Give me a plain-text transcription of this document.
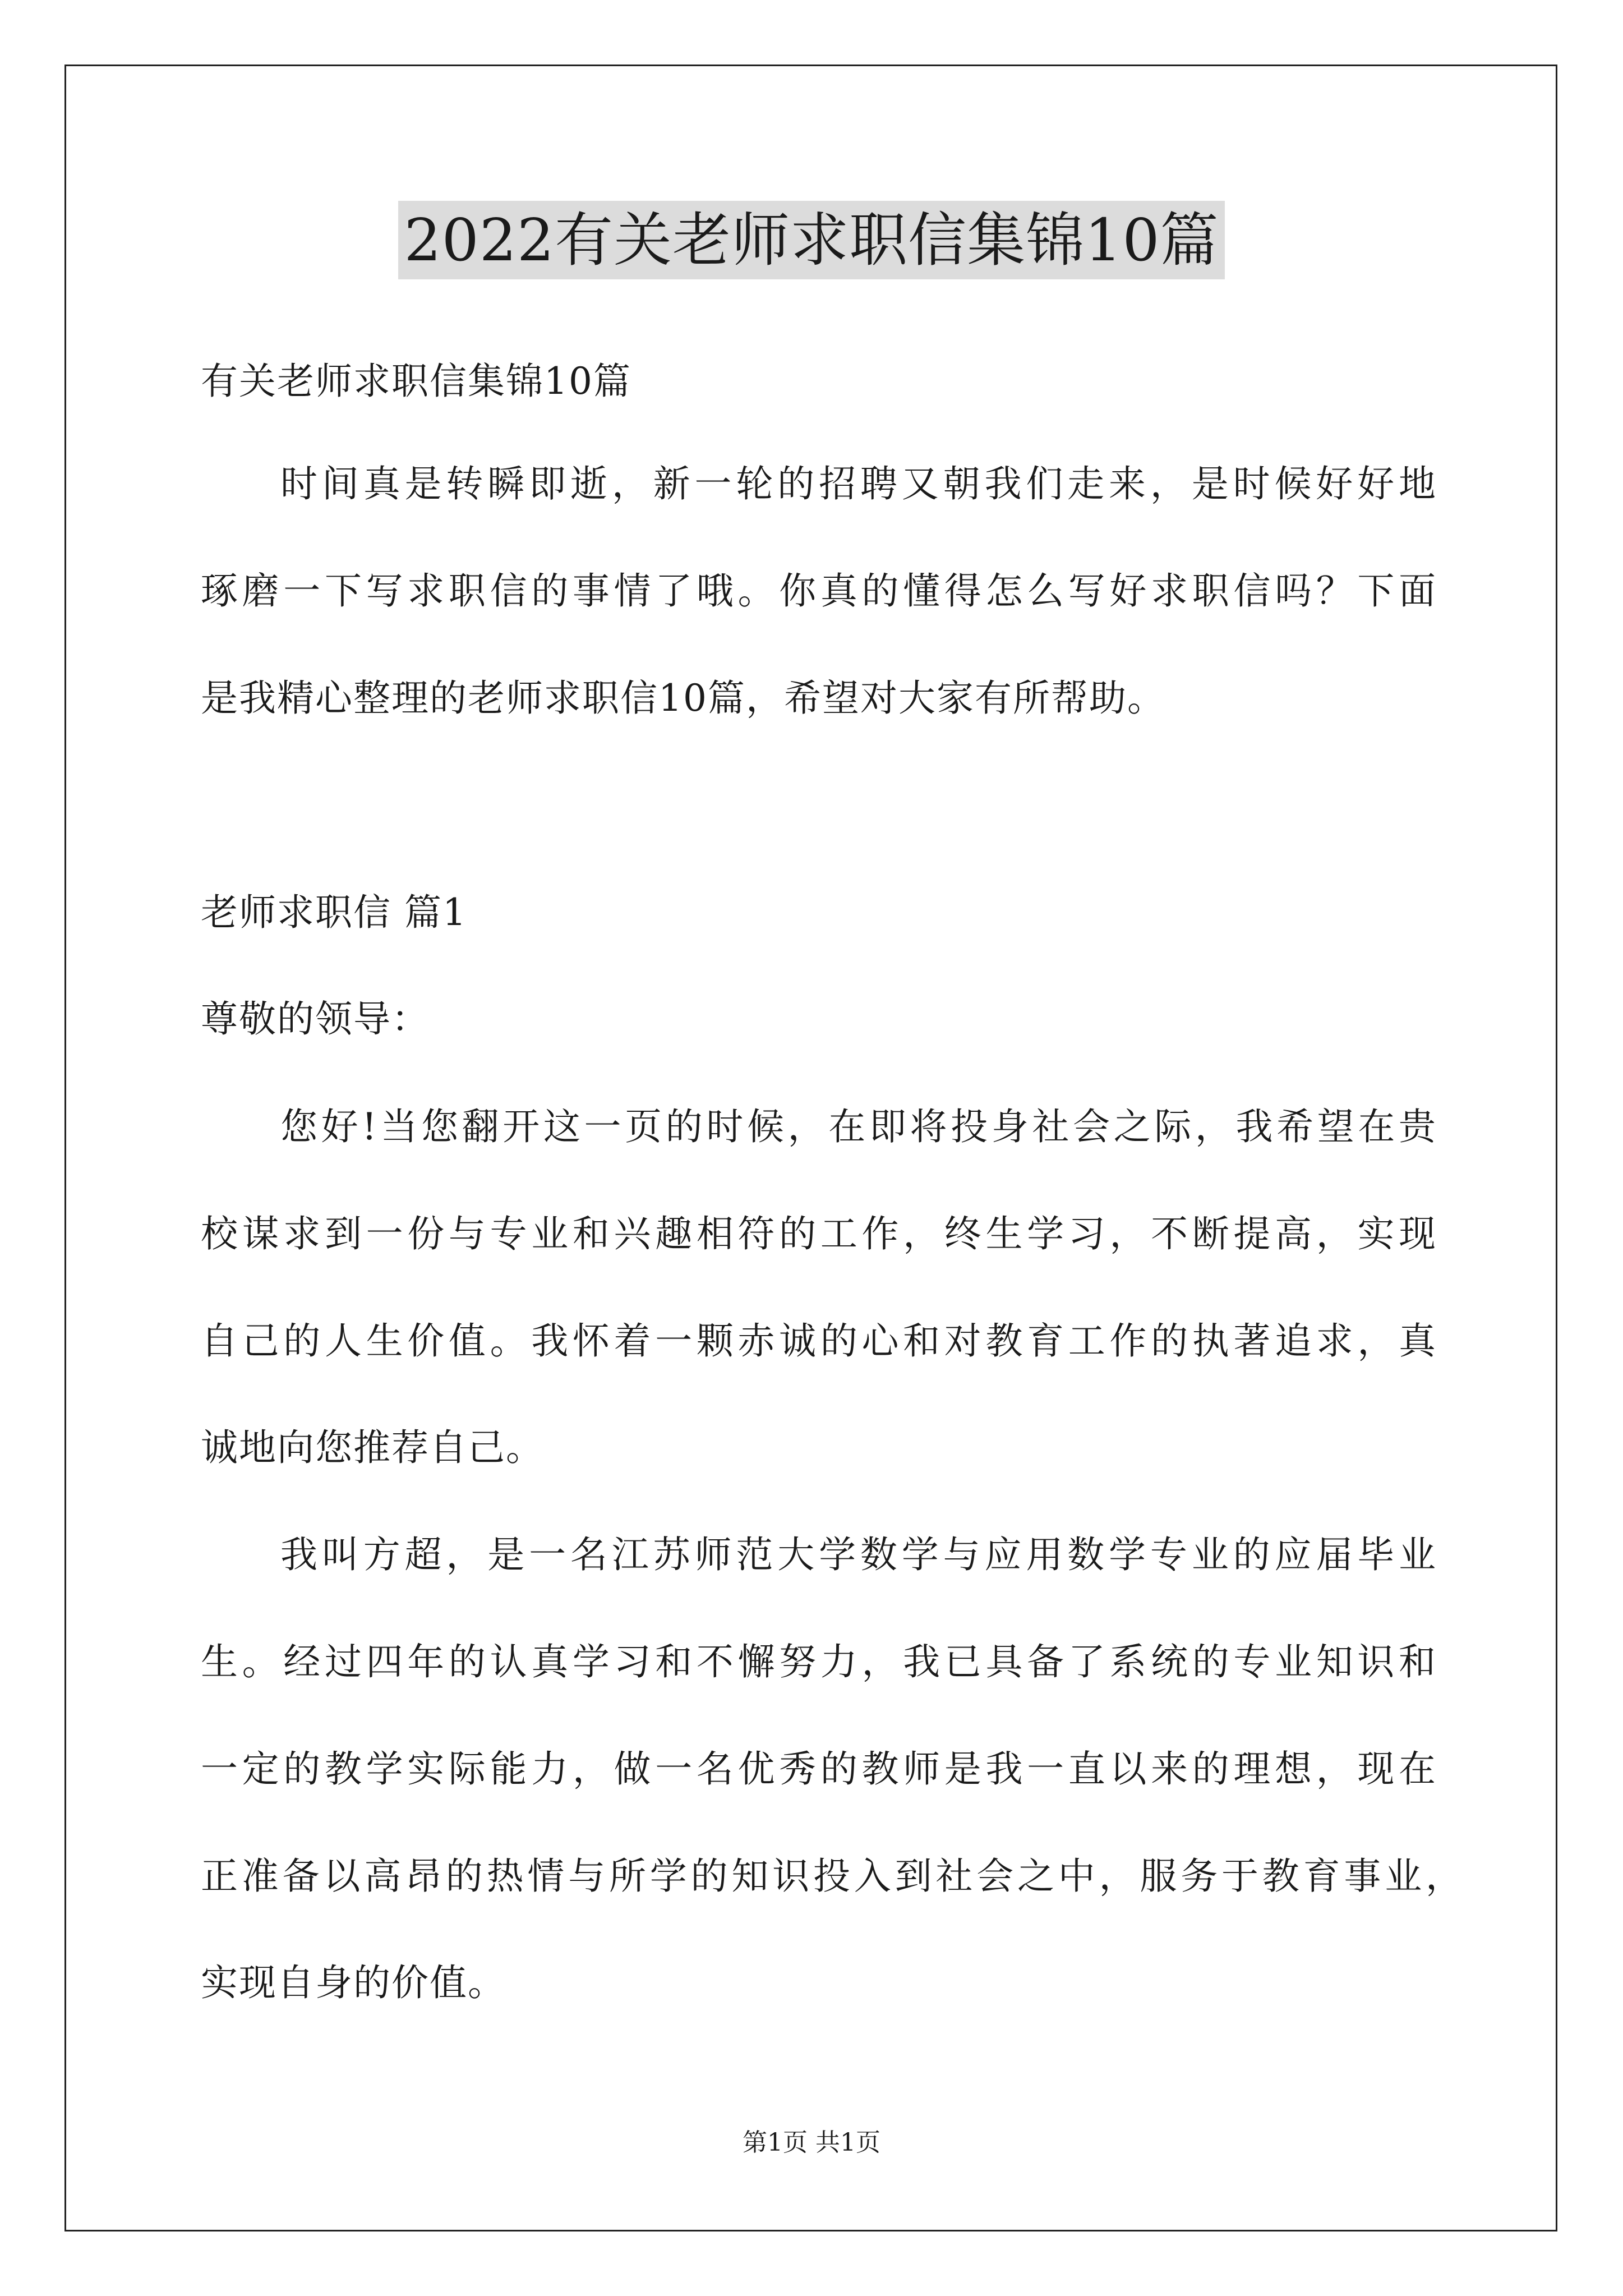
2022有关老师求职信集锦10篇
有关老师求职信集锦10篇
时间真是转瞬即逝，新一轮的招聘又朝我们走来，是时候好好地
琢磨一下写求职信的事情了哦。你真的懂得怎么写好求职信吗？下面
是我精心整理的老师求职信10篇，希望对大家有所帮助。
老师求职信 篇1
尊敬的领导：
您好!当您翻开这一页的时候，在即将投身社会之际，我希望在贵
校谋求到一份与专业和兴趣相符的工作，终生学习，不断提高，实现
自己的人生价值。我怀着一颗赤诚的心和对教育工作的执著追求，真
诚地向您推荐自己。
我叫方超，是一名江苏师范大学数学与应用数学专业的应届毕业
生。经过四年的认真学习和不懈努力，我已具备了系统的专业知识和
一定的教学实际能力，做一名优秀的教师是我一直以来的理想，现在
正准备以高昂的热情与所学的知识投入到社会之中，服务于教育事业，
实现自身的价值。
第1页 共1页
